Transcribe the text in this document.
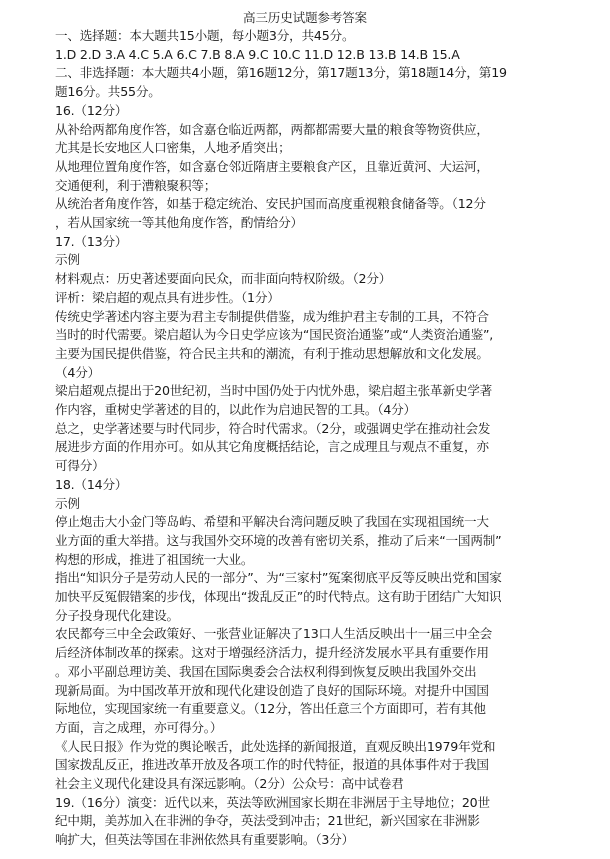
高三历史试题参考答案
一、选择题：本大题共15小题，每小题3分，共45分。
1.D 2.D 3.A 4.C 5.A 6.C 7.B 8.A 9.C 10.C 11.D 12.B 13.B 14.B 15.A
二、非选择题：本大题共4小题，第16题12分，第17题13分，第18题14分，第19
题16分。共55分。
16.（12分）
从补给两都角度作答，如含嘉仓临近两都，两都都需要大量的粮食等物资供应，
尤其是长安地区人口密集，人地矛盾突出；
从地理位置角度作答，如含嘉仓邻近隋唐主要粮食产区，且靠近黄河、大运河，
交通便利，利于漕粮聚积等；
从统治者角度作答，如基于稳定统治、安民护国而高度重视粮食储备等。（12分
，若从国家统一等其他角度作答，酌情给分）
17.（13分）
示例
材料观点：历史著述要面向民众，而非面向特权阶级。（2分）
评析：梁启超的观点具有进步性。（1分）
传统史学著述内容主要为君主专制提供借鉴，成为维护君主专制的工具，不符合
当时的时代需要。梁启超认为今日史学应该为“国民资治通鉴”或“人类资治通鉴”,
主要为国民提供借鉴，符合民主共和的潮流，有利于推动思想解放和文化发展。
（4分）
梁启超观点提出于20世纪初，当时中国仍处于内忧外患，梁启超主张革新史学著
作内容，重树史学著述的目的，以此作为启迪民智的工具。（4分）
总之，史学著述要与时代同步，符合时代需求。（2分，或强调史学在推动社会发
展进步方面的作用亦可。如从其它角度概括结论，言之成理且与观点不重复，亦
可得分）
18.（14分）
示例
停止炮击大小金门等岛屿、希望和平解决台湾问题反映了我国在实现祖国统一大
业方面的重大举措。这与我国外交环境的改善有密切关系，推动了后来“一国两制”
构想的形成，推进了祖国统一大业。
指出“知识分子是劳动人民的一部分”、为“三家村”冤案彻底平反等反映出党和国家
加快平反冤假错案的步伐，体现出“拨乱反正”的时代特点。这有助于团结广大知识
分子投身现代化建设。
农民都夸三中全会政策好、一张营业证解决了13口人生活反映出十一届三中全会
后经济体制改革的探索。这对于增强经济活力，提升经济发展水平具有重要作用
。邓小平副总理访美、我国在国际奥委会合法权利得到恢复反映出我国外交出
现新局面。为中国改革开放和现代化建设创造了良好的国际环境。对提升中国国
际地位，实现国家统一有重要意义。（12分，答出任意三个方面即可，若有其他
方面，言之成理，亦可得分。）
《人民日报》作为党的舆论喉舌，此处选择的新闻报道，直观反映出1979年党和
国家拨乱反正，推进改革开放及各项工作的时代特征，报道的具体事件对于我国
社会主义现代化建设具有深远影响。（2分）公众号：高中试卷君
19.（16分）演变：近代以来，英法等欧洲国家长期在非洲居于主导地位；20世
纪中期，美苏加入在非洲的争夺，英法受到冲击；21世纪，新兴国家在非洲影
响扩大，但英法等国在非洲依然具有重要影响。（3分）
